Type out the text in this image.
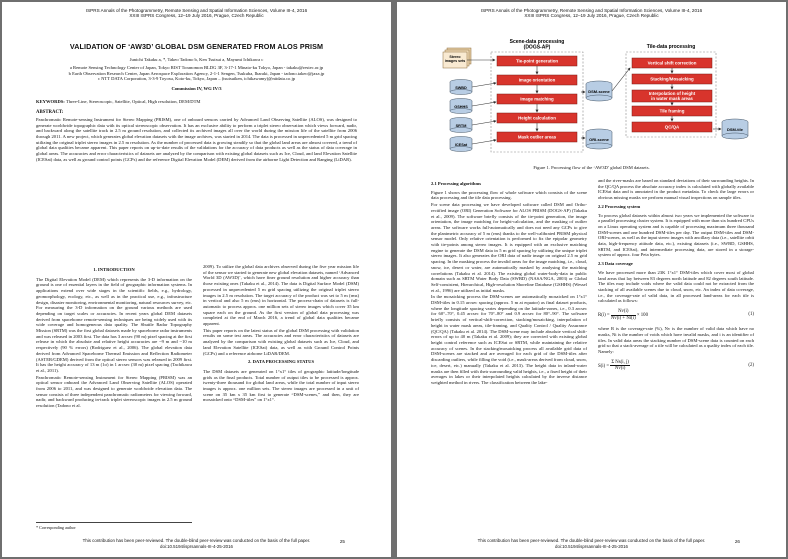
ISPRS Annals of the Photogrammetry, Remote Sensing and Spatial Information Sciences, Volume III-4, 2016
XXIII ISPRS Congress, 12–19 July 2016, Prague, Czech Republic
VALIDATION OF ‘AW3D’ GLOBAL DSM GENERATED FROM ALOS PRISM
Junichi Takaku a, *, Takeo Tadono b, Ken Tsutsui a, Mayumi Ichikawa c
a Remote Sensing Technology Center of Japan, Tokyo RIST Toranomon BLDG 3F, 3-17-1 Minato-ku Tokyo, Japan - takaku@restec.or.jp
b Earth Observation Research Center, Japan Aerospace Exploration Agency, 2-1-1 Sengen, Tsukuba, Ibaraki, Japan - tadono.takeo@jaxa.jp
c NTT DATA Corporation, 3-3-9 Toyosu, Koto-ku, Tokyo, Japan – (tsutsuiken, ichikawamy)@nttdata.co.jp
Commission IV, WG IV/3
KEYWORDS: Three-Line, Stereoscopic, Satellite, Optical, High resolution, DEM/DTM
ABSTRACT:
Panchromatic Remote-sensing Instrument for Stereo Mapping (PRISM), one of onboard sensors carried by Advanced Land Observing Satellite (ALOS), was designed to generate worldwide topographic data with its optical stereoscopic observation. It has an exclusive ability to perform a triplet stereo observation which views forward, nadir, and backward along the satellite track in 2.5 m ground resolution, and collected its archived images all over the world during the mission life of the satellite from 2006 through 2011. A new project, which generates global elevation datasets with the image archives, was started in 2014. The data is processed in unprecedented 5 m grid spacing utilizing the original triplet stereo images in 2.5 m resolution. As the number of processed data is growing steadily so that the global land areas are almost covered, a trend of global data qualities became apparent. This paper reports on up-to-date results of the validations for the accuracy of data products as well as the status of data coverage in global areas. The accuracies and error characteristics of datasets are analyzed by the comparison with existing global datasets such as Ice, Cloud, and land Elevation Satellite (ICESat) data, as well as ground control points (GCPs) and the reference Digital Elevation Model (DEM) derived from the airborne Light Detection and Ranging (LiDAR).
1. INTRODUCTION

The Digital Elevation Model (DEM) which represents the 3-D information on the ground is one of essential layers in the field of geographic information systems. In applications extend over wide stages in the scientific fields, e.g., hydrology, geomorphology, ecology, etc., as well as in the practical use, e.g., infrastructure design, disaster monitoring, environmental monitoring, natural resources survey, etc. For measuring the 3-D information on the ground various methods are used depending on target scales or accuracies. In recent years global DEM datasets derived from spaceborne remote-sensing techniques are being widely used with its wide coverage and homogeneous data quality. The Shuttle Radar Topography Mission (SRTM) was the first global datasets made by spaceborne radar instruments and was released in 2003 first. The data has 3 arcsec (90 m) pixel spacing at the first release in which the absolute and relative height accuracies are ~9 m and ~10 m respectively (90 % errors) (Rodriguez et al., 2006). The global elevation data derived from Advanced Spaceborne Thermal Emission and Reflection Radiometer (ASTER/GDEM) derived from the optical stereo sensors was released in 2009 first. It has the height accuracy of 13 m (1σ) in 1 arcsec (30 m) pixel spacing (Tachikawa et al., 2011).

Panchromatic Remote-sensing Instrument for Stereo Mapping (PRISM) was an optical sensor onboard the Advanced Land Observing Satellite (ALOS) operated from 2006 to 2011, and was designed to generate worldwide elevation data. The sensor consists of three independent panchromatic radiometers for viewing forward, nadir, and backward producing in-track triplet stereoscopic images in 2.5 m ground resolution (Tadono et al.

* Corresponding author

2009). To utilize the global data archives observed during the five year mission life of the sensor we started to generate new global elevation datasets, named ‘Advanced World 3D (AW3D)’, which have finer ground resolution and higher accuracy than those existing ones (Takaku et al., 2014). The data is Digital Surface Model (DSM) processed in unprecedented 5 m grid spacing utilizing the original triplet stereo images in 2.5 m resolution. The target accuracy of the product was set to 5 m (rms) in vertical and also 5 m (rms) in horizontal. The process-chain of datasets is full-automatic to process approx. one million sets of stereo images which cover 35 km square each on the ground. As the first version of global data processing was completed at the end of March 2016, a trend of global data qualities became apparent.

This paper reports on the latest status of the global DSM processing with validation results on some test areas. The accuracies and error characteristics of datasets are analyzed by the comparison with existing global datasets such as Ice, Cloud, and land Elevation Satellite (ICESat) data, as well as with Ground Control Points (GCPs) and a reference airborne LiDAR/DEM.

2. DATA PROCESSING STATUS

The DSM datasets are generated on 1°x1° tiles of geographic latitude/longitude grids as the final products. Total number of output tiles to be processed is approx. twenty-three thousand for global land areas, while the total number of input stereo images is approx. one million sets. The stereo images are processed in a unit of scene on 35 km x 35 km first to generate “DSM-scenes,” and then, they are mosaicked onto “DSM-tiles” on 1°x1°.

This contribution has been peer-reviewed. The double-blind peer-review was conducted on the basis of the full paper.
doi:10.5194/isprsannals-III-4-25-2016
25
ISPRS Annals of the Photogrammetry, Remote Sensing and Spatial Information Sciences, Volume III-4, 2016
XXIII ISPRS Congress, 12–19 July 2016, Prague, Czech Republic
Scene-data processing (DOGS-AP)	Tile-data processing
Stereo images sets	Tie-point generation
Image orientation
Image matching
Height calculation
Mask outlier areas
SWBD
GSHHS
SRTM
ICESat
DSM-scene
ORI-scene
Vertical shift correction
Stacking/Mosaicking
Interpolation of height in water mask areas
Tile framing
QC/QA	DSM-tile
Figure 1. Processing flow of the ‘AW3D’ global DSM datasets.
2.1 Processing algorithms

Figure 1 shows the processing flow of whole software which consists of the scene data processing and the tile data processing.

For scene data processing we have developed software called DSM and Ortho-rectified image (ORI) Generation Software for ALOS PRISM (DOGS-AP) (Takaku et al., 2009). The software briefly consists of the tie-point generation, the image orientation, the image matching for height-calculation, and the masking of outlier areas. The software works full-automatically and does not need any GCPs to give the planimetric accuracy of 5 m (rms) thanks to the well-calibrated PRISM physical sensor model. Only relative orientation is performed to fix the epipolar geometry with tie-points among stereo images. It is equipped with an exclusive matching engine to generate the DSM data in 5 m grid spacing by utilizing the unique triplet stereo images. It also generates the ORI data of nadir image on original 2.5 m grid spacing. In the masking process the invalid areas for the image matching, i.e., cloud, snow, ice, desert or water, are automatically masked by analysing the matching correlations (Takaku et al. 2014). The existing global water-body-data in public domain such as SRTM Water Body Data (SWBD) (NASA/NGA, 2003) or Global Self-consistent, Hierarchical, High-resolution Shoreline Database (GSHHS) (Wessel et al., 1996) are utilized as initial masks.

In the mosaicking process the DSM-scenes are automatically mosaicked on 1°x1° DSM-tiles in 0.15 arcsec spacing (approx. 5 m at equator) as final dataset products, where the longitude spacing varies depending on the latitude-zones, i.e., 0.3 arcsec for 60°–70°, 0.45 arcsec for 70°–80° and 0.9 arcsec for 80°–90°. The software briefly consists of vertical-shift-correction, stacking/mosaicking, interpolation of height in water mask areas, tile-framing, and Quality Control / Quality Assurance (QC/QA) (Takaku et al. 2014). The DSM-scene may include absolute vertical shift-errors of up to 40 m (Takaku et al. 2009); they are corrected with existing global height control reference such as ICESat or SRTM, while maintaining the relative accuracy of scenes. In the stacking/mosaicking process all available grid data of DSM-scenes are stacked and are averaged for each grid of the DSM-tiles after discarding outliers, while filling the void (i.e., mask-areas derived from cloud, snow, ice, desert, etc.) manually (Takaku et al. 2013). The height data in inland-water masks are then filled with their surrounding valid heights, i.e., a fixed height of their averages in lakes or their interpolated heights calculated by the inverse distance weighted method in rivers. The classification between the lake-

and the river-masks are based on standard deviations of their surrounding heights. In the QC/QA process the absolute accuracy index is calculated with globally available ICESat data and is annotated in the product metadata. To check the large errors or obvious missing masks we perform manual visual inspections on sample tiles.

2.2 Processing system

To process global datasets within almost two years we implemented the software to a parallel processing cluster system. It is equipped with more than six hundred CPUs on a Linux operating system and is capable of processing maximum three thousand DSM-scenes and one hundred DSM-tiles per day. The output DSM-tiles and DSM-ORI-scenes, as well as the input stereo images with ancillary data (i.e., satellite orbit data, high-frequency attitude data, etc.), existing datasets (i.e., SWBD, GSHHS, SRTM, and ICESat), and intermediate processing data, are stored in a storage-system of approx. four Peta bytes.

2.3 Data coverage

We have processed more than 23K 1°x1° DSM-tiles which cover most of global land areas that lay between 83 degrees north latitude and 82 degrees south latitude. The tiles may include voids where the valid data could not be extracted from the stacking of all available scenes due to cloud, snow, etc. An index of data coverage, i.e., the coverage-rate of valid data, in all processed land-areas for each tile is calculated as follows:

$R(i) = \frac{Nv(i)}{Nv(i) + Ni(i)} \times 100$	(1)

where R is the coverage-rate (%), Nv is the number of valid data which have no masks, Ni is the number of voids which have invalid masks, and i is an identifier of tiles. In valid data areas the stacking number of DSM-scene data is counted on each grid so that a stack-average of a tile will be calculated as a quality index of each tile. Namely:

$S(i) = \frac{\text{Σ Ns(i, j)}}{Nv(i)}$	(2)
This contribution has been peer-reviewed. The double-blind peer-review was conducted on the basis of the full paper.
doi:10.5194/isprsannals-III-4-25-2016
26
